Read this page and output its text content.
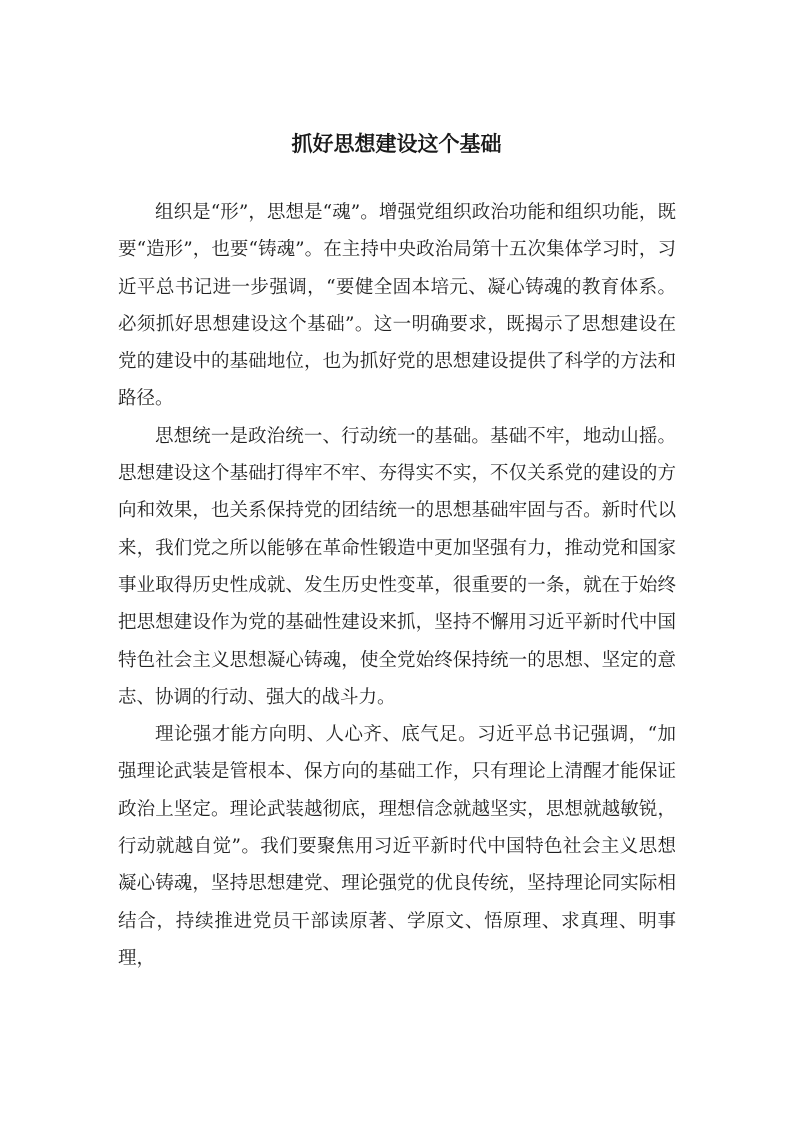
抓好思想建设这个基础

组织是“形”，思想是“魂”。增强党组织政治功能和组织功能，既要“造形”，也要“铸魂”。在主持中央政治局第十五次集体学习时，习近平总书记进一步强调，“要健全固本培元、凝心铸魂的教育体系。必须抓好思想建设这个基础”。这一明确要求，既揭示了思想建设在党的建设中的基础地位，也为抓好党的思想建设提供了科学的方法和路径。

思想统一是政治统一、行动统一的基础。基础不牢，地动山摇。思想建设这个基础打得牢不牢、夯得实不实，不仅关系党的建设的方向和效果，也关系保持党的团结统一的思想基础牢固与否。新时代以来，我们党之所以能够在革命性锻造中更加坚强有力，推动党和国家事业取得历史性成就、发生历史性变革，很重要的一条，就在于始终把思想建设作为党的基础性建设来抓，坚持不懈用习近平新时代中国特色社会主义思想凝心铸魂，使全党始终保持统一的思想、坚定的意志、协调的行动、强大的战斗力。

理论强才能方向明、人心齐、底气足。习近平总书记强调，“加强理论武装是管根本、保方向的基础工作，只有理论上清醒才能保证政治上坚定。理论武装越彻底，理想信念就越坚实，思想就越敏锐，行动就越自觉”。我们要聚焦用习近平新时代中国特色社会主义思想凝心铸魂，坚持思想建党、理论强党的优良传统，坚持理论同实际相结合，持续推进党员干部读原著、学原文、悟原理、求真理、明事理，
